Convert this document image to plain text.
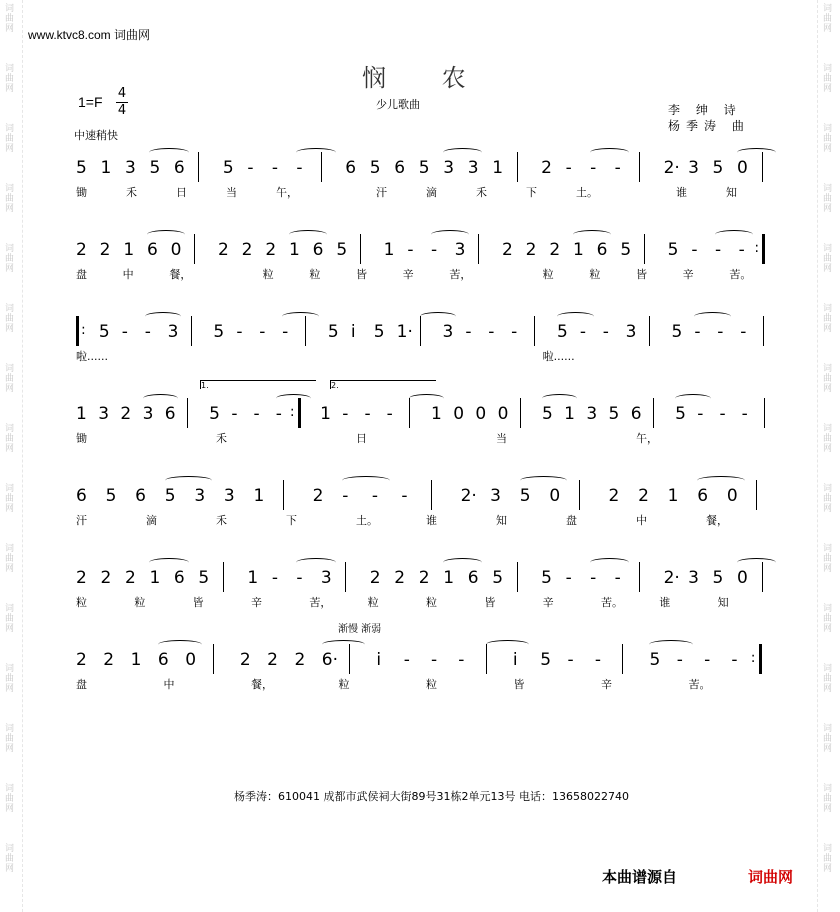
词
曲
网
词
曲
网
词
曲
网
词
曲
网
词
曲
网
词
曲
网
词
曲
网
词
曲
网
词
曲
网
词
曲
网
词
曲
网
词
曲
网
词
曲
网
词
曲
网
词
曲
网
词
曲
网
词
曲
网
词
曲
网
词
曲
网
词
曲
网
词
曲
网
词
曲
网
词
曲
网
词
曲
网
词
曲
网
词
曲
网
词
曲
网
词
曲
网
词
曲
网
词
曲
网
www.ktvc8.com 词曲网
悯 农
1=F
4
4
中速稍快
少儿歌曲	李 绅 诗
杨季涛 曲
5 1 3 5 6 5 - - -	6 5 6 5 3 3 1 2 - - -	2· 3 5 0
锄	禾	日	当	午，	汗	滴	禾	下	土。	谁	知
2 2 1 6 0 2 2 2 1 6 5 1 - - 3 2 2 2 1 6 5 5 - - - :
盘	中	餐，	粒	粒	皆	辛	苦，	粒	粒	皆	辛	苦。
: 5 - - 3 5 - - - 5 i 5 1· 3 - - - 5 - - 3 5 - - -
啦......	啦......
1 3 2 3 6 5 - - - : 1 - - - 1 0 0 0 5 1 3 5 6 5 - - -
1.	2.
锄	禾	日	当	午，
6 5 6 5 3 3 1	2 - - -	2· 3 5 0	2 2 1 6 0
汗	滴	禾	下	土。	谁	知	盘	中	餐，
2 2 2 1 6 5 1 - - 3 2 2 2 1 6 5 5 - - -	2· 3 5 0
粒	粒	皆	辛	苦，	粒	粒	皆	辛	苦。	谁	知
2 2 1 6 0	2 2 2 6· i - - -	i 5 - -	5 - - - :
渐慢 渐弱
盘	中	餐，	粒	粒	皆	辛	苦。
杨季涛：610041 成都市武侯祠大街89号31栋2单元13号 电话：13658022740
本曲谱源自	词曲网
